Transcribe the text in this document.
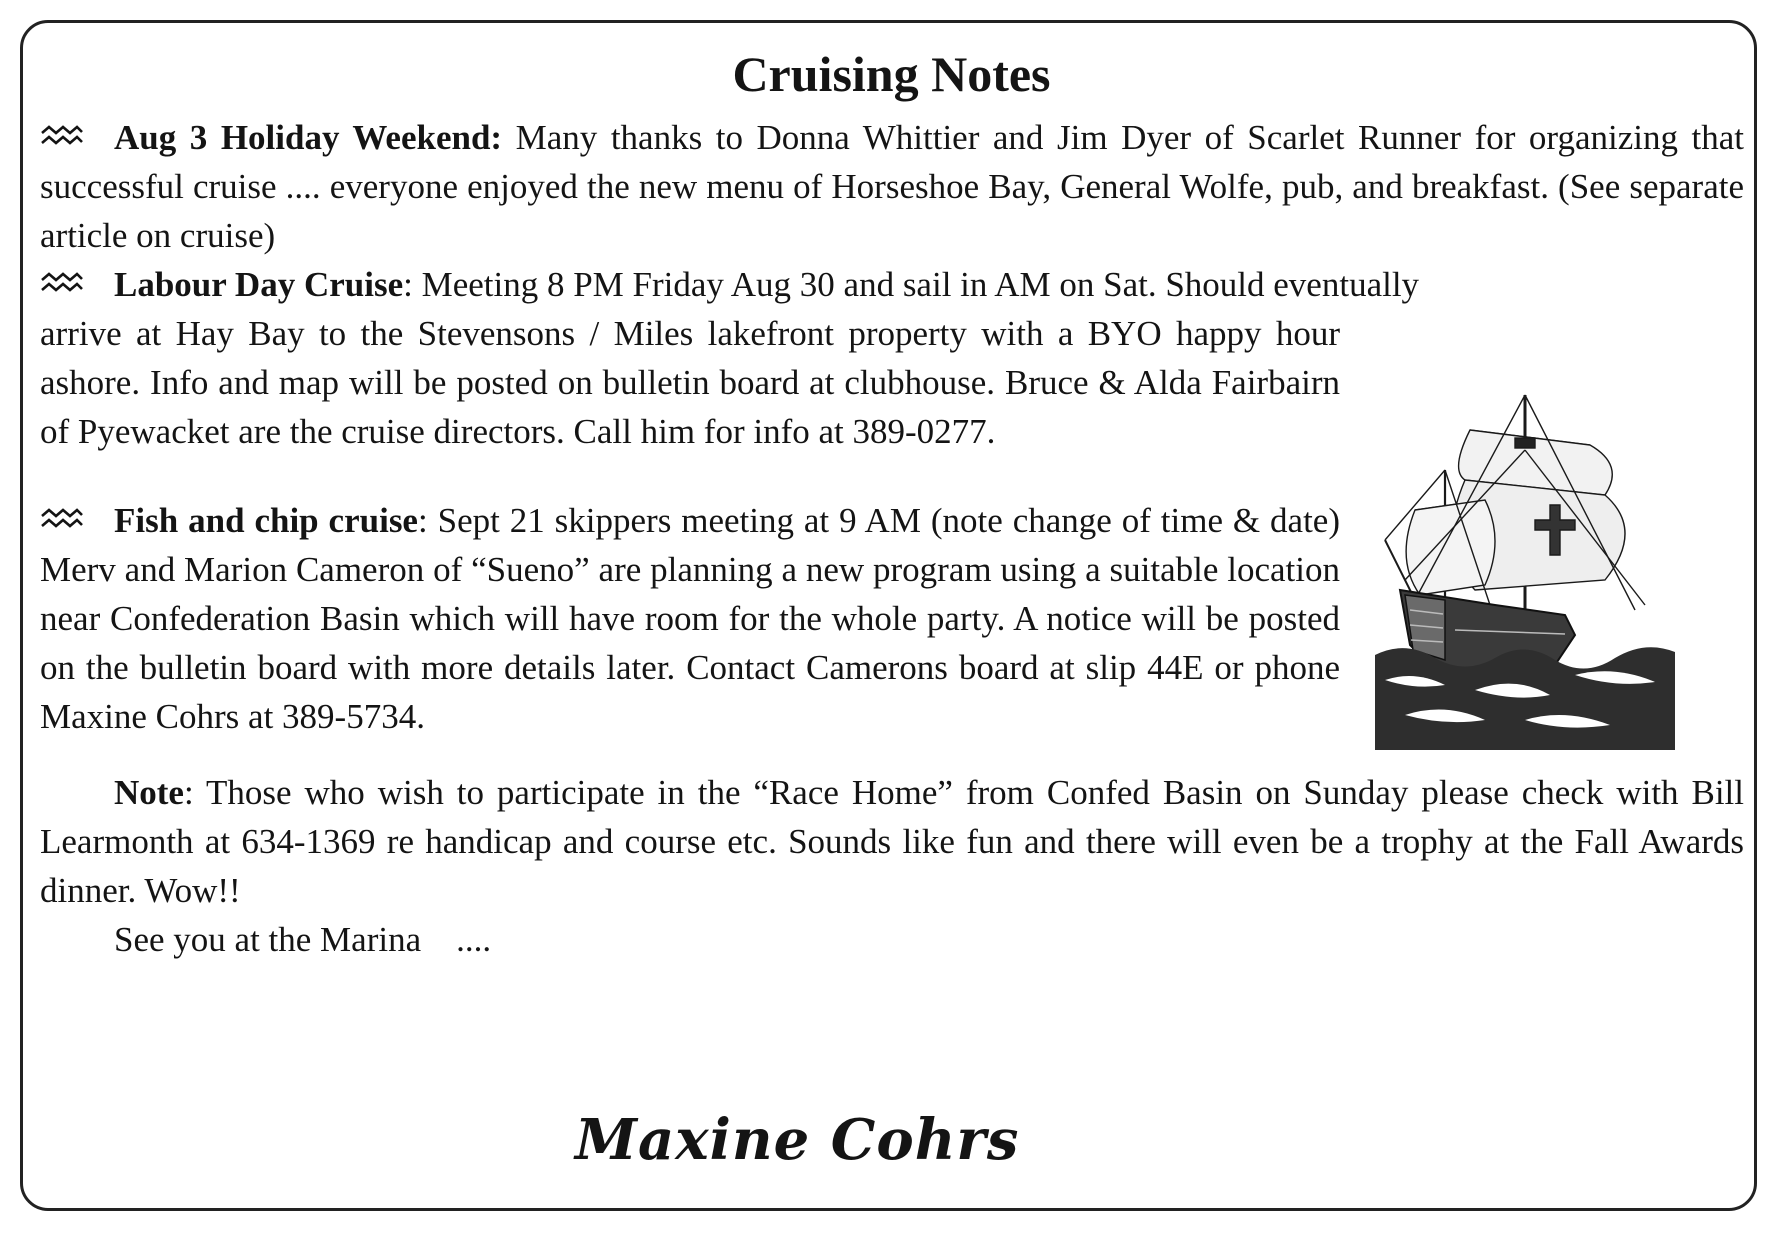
Cruising Notes

Aug 3 Holiday Weekend: Many thanks to Donna Whittier and Jim Dyer of Scarlet Runner for organizing that successful cruise .... everyone enjoyed the new menu of Horseshoe Bay, General Wolfe, pub, and breakfast. (See separate article on cruise)

Labour Day Cruise: Meeting 8 PM Friday Aug 30 and sail in AM on Sat. Should eventually

arrive at Hay Bay to the Stevensons / Miles lakefront property with a BYO happy hour ashore. Info and map will be posted on bulletin board at clubhouse. Bruce & Alda Fairbairn of Pyewacket are the cruise directors. Call him for info at 389-0277.

Fish and chip cruise: Sept 21 skippers meeting at 9 AM (note change of time & date) Merv and Marion Cameron of “Sueno” are planning a new program using a suitable location near Confederation Basin which will have room for the whole party. A notice will be posted on the bulletin board with more details later. Contact Camerons board at slip 44E or phone Maxine Cohrs at 389-5734.

Note: Those who wish to participate in the “Race Home” from Confed Basin on Sunday please check with Bill Learmonth at 634-1369 re handicap and course etc. Sounds like fun and there will even be a trophy at the Fall Awards dinner. Wow!!

See you at the Marina    ....

Maxine Cohrs
